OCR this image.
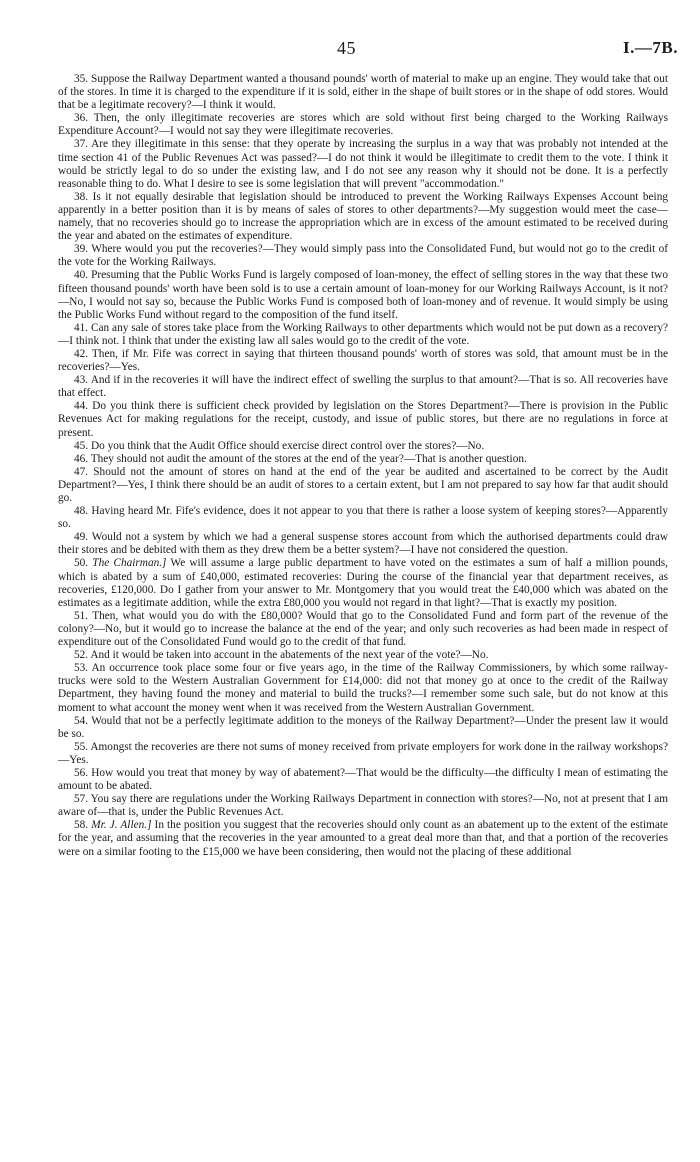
45	I.—7B.

35. Suppose the Railway Department wanted a thousand pounds' worth of material to make up an engine. They would take that out of the stores. In time it is charged to the expenditure if it is sold, either in the shape of built stores or in the shape of odd stores. Would that be a legitimate recovery?—I think it would.

36. Then, the only illegitimate recoveries are stores which are sold without first being charged to the Working Railways Expenditure Account?—I would not say they were illegitimate recoveries.

37. Are they illegitimate in this sense: that they operate by increasing the surplus in a way that was probably not intended at the time section 41 of the Public Revenues Act was passed?—I do not think it would be illegitimate to credit them to the vote. I think it would be strictly legal to do so under the existing law, and I do not see any reason why it should not be done. It is a perfectly reasonable thing to do. What I desire to see is some legislation that will prevent "accommodation."

38. Is it not equally desirable that legislation should be introduced to prevent the Working Railways Expenses Account being apparently in a better position than it is by means of sales of stores to other departments?—My suggestion would meet the case—namely, that no recoveries should go to increase the appropriation which are in excess of the amount estimated to be received during the year and abated on the estimates of expenditure.

39. Where would you put the recoveries?—They would simply pass into the Consolidated Fund, but would not go to the credit of the vote for the Working Railways.

40. Presuming that the Public Works Fund is largely composed of loan-money, the effect of selling stores in the way that these two fifteen thousand pounds' worth have been sold is to use a certain amount of loan-money for our Working Railways Account, is it not?—No, I would not say so, because the Public Works Fund is composed both of loan-money and of revenue. It would simply be using the Public Works Fund without regard to the composition of the fund itself.

41. Can any sale of stores take place from the Working Railways to other departments which would not be put down as a recovery?—I think not. I think that under the existing law all sales would go to the credit of the vote.

42. Then, if Mr. Fife was correct in saying that thirteen thousand pounds' worth of stores was sold, that amount must be in the recoveries?—Yes.

43. And if in the recoveries it will have the indirect effect of swelling the surplus to that amount?—That is so. All recoveries have that effect.

44. Do you think there is sufficient check provided by legislation on the Stores Department?—There is provision in the Public Revenues Act for making regulations for the receipt, custody, and issue of public stores, but there are no regulations in force at present.

45. Do you think that the Audit Office should exercise direct control over the stores?—No.

46. They should not audit the amount of the stores at the end of the year?—That is another question.

47. Should not the amount of stores on hand at the end of the year be audited and ascertained to be correct by the Audit Department?—Yes, I think there should be an audit of stores to a certain extent, but I am not prepared to say how far that audit should go.

48. Having heard Mr. Fife's evidence, does it not appear to you that there is rather a loose system of keeping stores?—Apparently so.

49. Would not a system by which we had a general suspense stores account from which the authorised departments could draw their stores and be debited with them as they drew them be a better system?—I have not considered the question.

50. The Chairman.] We will assume a large public department to have voted on the estimates a sum of half a million pounds, which is abated by a sum of £40,000, estimated recoveries: During the course of the financial year that department receives, as recoveries, £120,000. Do I gather from your answer to Mr. Montgomery that you would treat the £40,000 which was abated on the estimates as a legitimate addition, while the extra £80,000 you would not regard in that light?—That is exactly my position.

51. Then, what would you do with the £80,000? Would that go to the Consolidated Fund and form part of the revenue of the colony?—No, but it would go to increase the balance at the end of the year; and only such recoveries as had been made in respect of expenditure out of the Consolidated Fund would go to the credit of that fund.

52. And it would be taken into account in the abatements of the next year of the vote?—No.

53. An occurrence took place some four or five years ago, in the time of the Railway Commissioners, by which some railway-trucks were sold to the Western Australian Government for £14,000: did not that money go at once to the credit of the Railway Department, they having found the money and material to build the trucks?—I remember some such sale, but do not know at this moment to what account the money went when it was received from the Western Australian Government.

54. Would that not be a perfectly legitimate addition to the moneys of the Railway Department?—Under the present law it would be so.

55. Amongst the recoveries are there not sums of money received from private employers for work done in the railway workshops?—Yes.

56. How would you treat that money by way of abatement?—That would be the difficulty—the difficulty I mean of estimating the amount to be abated.

57. You say there are regulations under the Working Railways Department in connection with stores?—No, not at present that I am aware of—that is, under the Public Revenues Act.

58. Mr. J. Allen.] In the position you suggest that the recoveries should only count as an abatement up to the extent of the estimate for the year, and assuming that the recoveries in the year amounted to a great deal more than that, and that a portion of the recoveries were on a similar footing to the £15,000 we have been considering, then would not the placing of these additional
